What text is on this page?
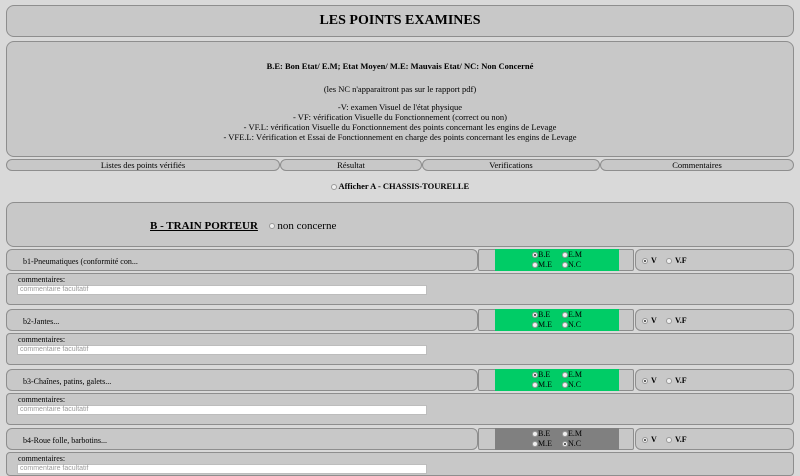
LES POINTS EXAMINES
B.E: Bon Etat/ E.M; Etat Moyen/ M.E: Mauvais Etat/ NC: Non Concerné
(les NC n'apparaitront pas sur le rapport pdf)
-V: examen Visuel de l'état physique
- VF: vérification Visuelle du Fonctionnement (correct ou non)
- VF.L: vérification Visuelle du Fonctionnement des points concernant les engins de Levage
- VFE.L: Vérification et Essai de Fonctionnement en charge des points concernant les engins de Levage
Listes des points vérifiés	Résultat	Verifications	Commentaires
Afficher A - CHASSIS-TOURELLE
B - TRAIN PORTEUR non concerne
b1-Pneumatiques (conformité con...
B.E	E.M
M.E	N.C	V	V.F
commentaires:
commentaire facultatif
b2-Jantes...
B.E	E.M
M.E	N.C	V	V.F
commentaires:
commentaire facultatif
b3-Chaînes, patins, galets...
B.E	E.M
M.E	N.C	V	V.F
commentaires:
commentaire facultatif
b4-Roue folle, barbotins...
B.E	E.M
M.E	N.C	V	V.F
commentaires:
commentaire facultatif
